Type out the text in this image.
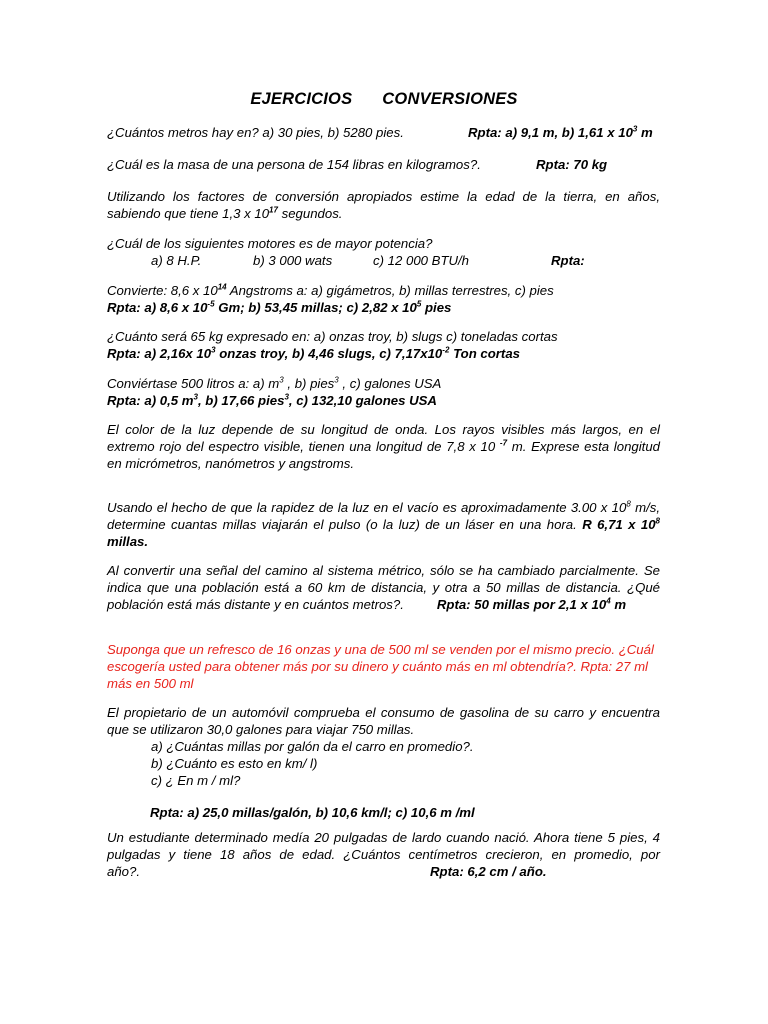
EJERCICIOS CONVERSIONES
¿Cuántos metros hay en? a) 30 pies, b) 5280 pies.	Rpta: a) 9,1 m, b) 1,61 x $10^3$ m
¿Cuál es la masa de una persona de 154 libras en kilogramos?.	Rpta: 70 kg
Utilizando los factores de conversión apropiados estime la edad de la tierra, en años, sabiendo que tiene 1,3 x $10^{17}$ segundos.
¿Cuál de los siguientes motores es de mayor potencia?
a) 8 H.P.	b) 3 000 wats	c) 12 000 BTU/h	Rpta:
Convierte: 8,6 x $10^{14}$ Angstroms a: a) gigámetros, b) millas terrestres, c) pies
Rpta: a) 8,6 x $10^{-5}$ Gm; b) 53,45 millas; c) 2,82 x $10^5$ pies
¿Cuánto será 65 kg expresado en: a) onzas troy, b) slugs c) toneladas cortas
Rpta: a) 2,16x $10^3$ onzas troy, b) 4,46 slugs, c) $7,17x10^{-2}$ Ton cortas
Conviértase 500 litros a: a) $m^3$ , b) pies$^3$ , c) galones USA
Rpta: a) 0,5 $m^3$, b) 17,66 pies$^3$, c) 132,10 galones USA
El color de la luz depende de su longitud de onda. Los rayos visibles más largos, en el extremo rojo del espectro visible, tienen una longitud de 7,8 x 10 $^{-7}$ m. Exprese esta longitud en micrómetros, nanómetros y angstroms.
Usando el hecho de que la rapidez de la luz en el vacío es aproximadamente 3.00 x $10^8$ m/s, determine cuantas millas viajarán el pulso (o la luz) de un láser en una hora. R 6,71 x $10^8$ millas.
Al convertir una señal del camino al sistema métrico, sólo se ha cambiado parcialmente. Se indica que una población está a 60 km de distancia, y otra a 50 millas de distancia. ¿Qué población está más distante y en cuántos metros?. Rpta: 50 millas por 2,1 x $10^4$ m
Suponga que un refresco de 16 onzas y una de 500 ml se venden por el mismo precio. ¿Cuál escogería usted para obtener más por su dinero y cuánto más en ml obtendría?. Rpta: 27 ml más en 500 ml
El propietario de un automóvil comprueba el consumo de gasolina de su carro y encuentra que se utilizaron 30,0 galones para viajar 750 millas.
a) ¿Cuántas millas por galón da el carro en promedio?.
b) ¿Cuánto es esto en km/ l)
c) ¿ En m / ml?
Rpta: a) 25,0 millas/galón, b) 10,6 km/l; c) 10,6 m /ml
Un estudiante determinado medía 20 pulgadas de lardo cuando nació. Ahora tiene 5 pies, 4 pulgadas y tiene 18 años de edad. ¿Cuántos centímetros crecieron, en promedio, por año?.	Rpta: 6,2 cm / año.
